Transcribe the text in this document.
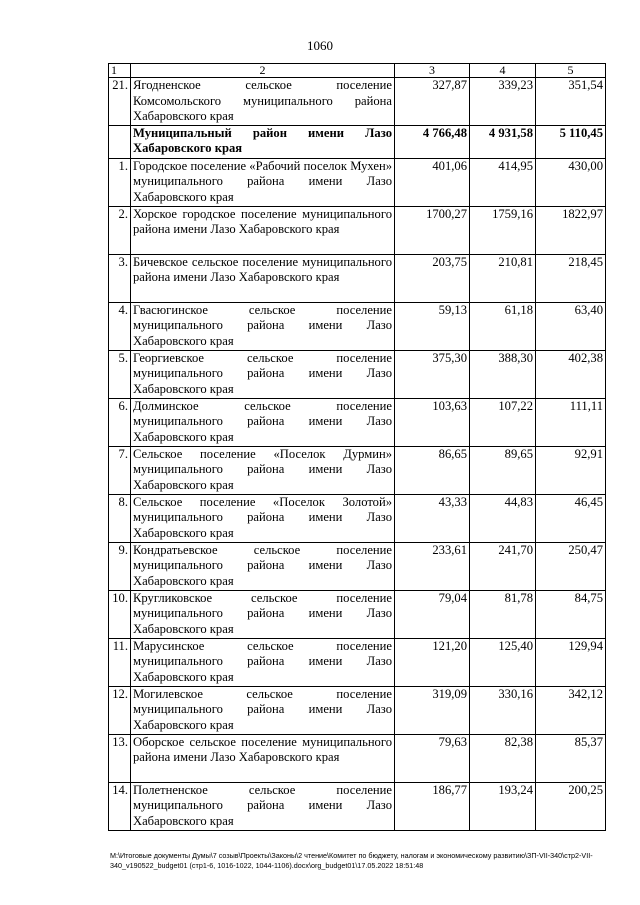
1060
1	2	3	4	5
21.	Ягодненское сельское поселение Комсомольского муниципального района Хабаровского края	327,87	339,23	351,54
	Муниципальный район имени Лазо Хабаровского края	4 766,48	4 931,58	5 110,45
1.	Городское поселение «Рабочий поселок Мухен» муниципального района имени Лазо Хабаровского края	401,06	414,95	430,00
2.	Хорское городское поселение муниципального района имени Лазо Хабаровского края	1700,27	1759,16	1822,97
3.	Бичевское сельское поселение муниципального района имени Лазо Хабаровского края	203,75	210,81	218,45
4.	Гвасюгинское сельское поселение муниципального района имени Лазо Хабаровского края	59,13	61,18	63,40
5.	Георгиевское сельское поселение муниципального района имени Лазо Хабаровского края	375,30	388,30	402,38
6.	Долминское сельское поселение муниципального района имени Лазо Хабаровского края	103,63	107,22	111,11
7.	Сельское поселение «Поселок Дурмин» муниципального района имени Лазо Хабаровского края	86,65	89,65	92,91
8.	Сельское поселение «Поселок Золотой» муниципального района имени Лазо Хабаровского края	43,33	44,83	46,45
9.	Кондратьевское сельское поселение муниципального района имени Лазо Хабаровского края	233,61	241,70	250,47
10.	Кругликовское сельское поселение муниципального района имени Лазо Хабаровского края	79,04	81,78	84,75
11.	Марусинское сельское поселение муниципального района имени Лазо Хабаровского края	121,20	125,40	129,94
12.	Могилевское сельское поселение муниципального района имени Лазо Хабаровского края	319,09	330,16	342,12
13.	Оборское сельское поселение муниципального района имени Лазо Хабаровского края	79,63	82,38	85,37
14.	Полетненское сельское поселение муниципального района имени Лазо Хабаровского края	186,77	193,24	200,25
M:\Итоговые документы Думы\7 созыв\Проекты\Законы\2 чтение\Комитет по бюджету, налогам и экономическому развитию\ЗП-VII-340\стр2-VII-340_v190522_budget01 (стр1-6, 1016-1022, 1044-1106).docx\org_budget01\17.05.2022 18:51:48
